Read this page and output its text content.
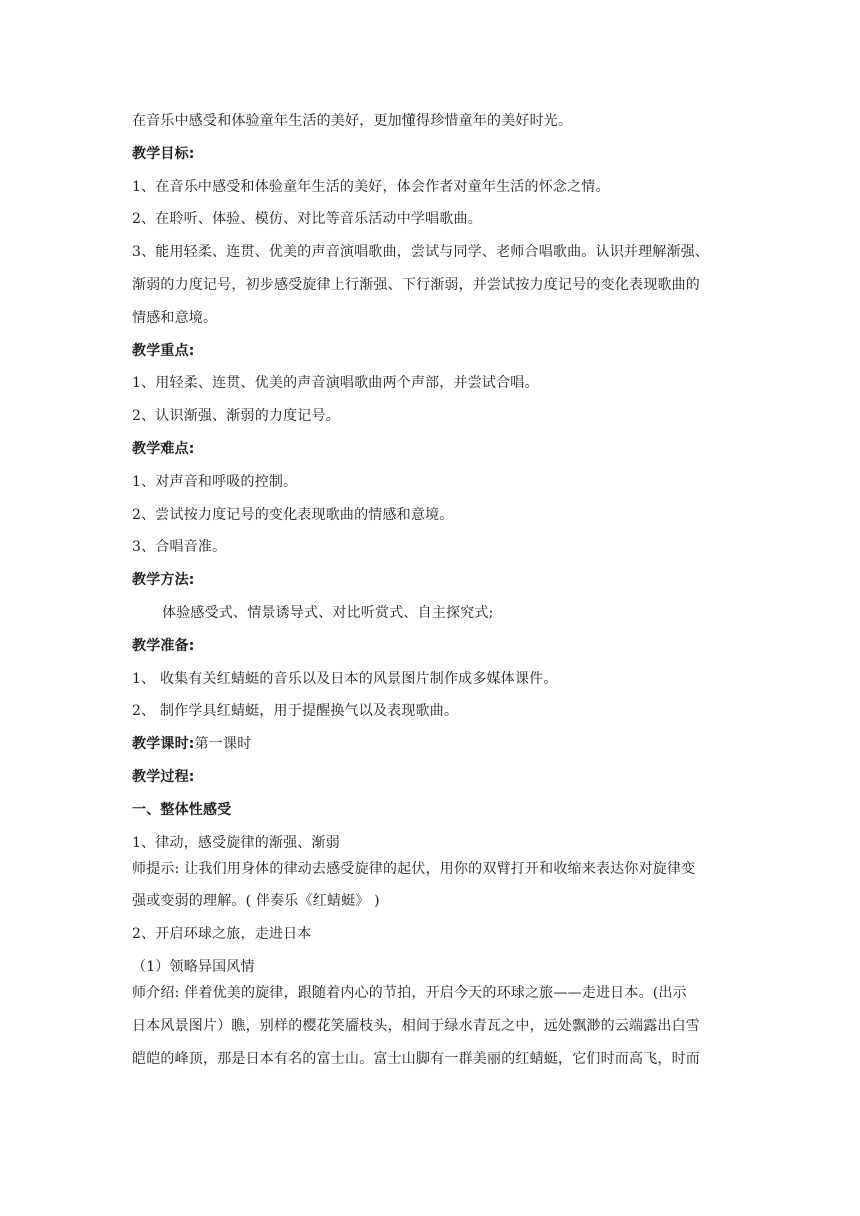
在音乐中感受和体验童年生活的美好，更加懂得珍惜童年的美好时光。
教学目标:
1、在音乐中感受和体验童年生活的美好，体会作者对童年生活的怀念之情。
2、在聆听、体验、模仿、对比等音乐活动中学唱歌曲。
3、能用轻柔、连贯、优美的声音演唱歌曲，尝试与同学、老师合唱歌曲。认识并理解渐强、
渐弱的力度记号，初步感受旋律上行渐强、下行渐弱，并尝试按力度记号的变化表现歌曲的
情感和意境。
教学重点:
1、用轻柔、连贯、优美的声音演唱歌曲两个声部，并尝试合唱。
2、认识渐强、渐弱的力度记号。
教学难点:
1、对声音和呼吸的控制。
2、尝试按力度记号的变化表现歌曲的情感和意境。
3、合唱音准。
教学方法:
体验感受式、情景诱导式、对比听赏式、自主探究式;
教学准备:
1、 收集有关红蜻蜓的音乐以及日本的风景图片制作成多媒体课件。
2、 制作学具红蜻蜓，用于提醒换气以及表现歌曲。
教学课时:第一课时
教学过程:
一、整体性感受
1、律动，感受旋律的渐强、渐弱
师提示: 让我们用身体的律动去感受旋律的起伏，用你的双臂打开和收缩来表达你对旋律变
强或变弱的理解。( 伴奏乐《红蜻蜓》 )
2、开启环球之旅，走进日本
（1）领略异国风情
师介绍: 伴着优美的旋律，跟随着内心的节拍，开启今天的环球之旅——走进日本。(出示
日本风景图片）瞧，别样的樱花笑靥枝头，相间于绿水青瓦之中，远处飘渺的云端露出白雪
皑皑的峰顶，那是日本有名的富士山。富士山脚有一群美丽的红蜻蜓，它们时而高飞，时而
